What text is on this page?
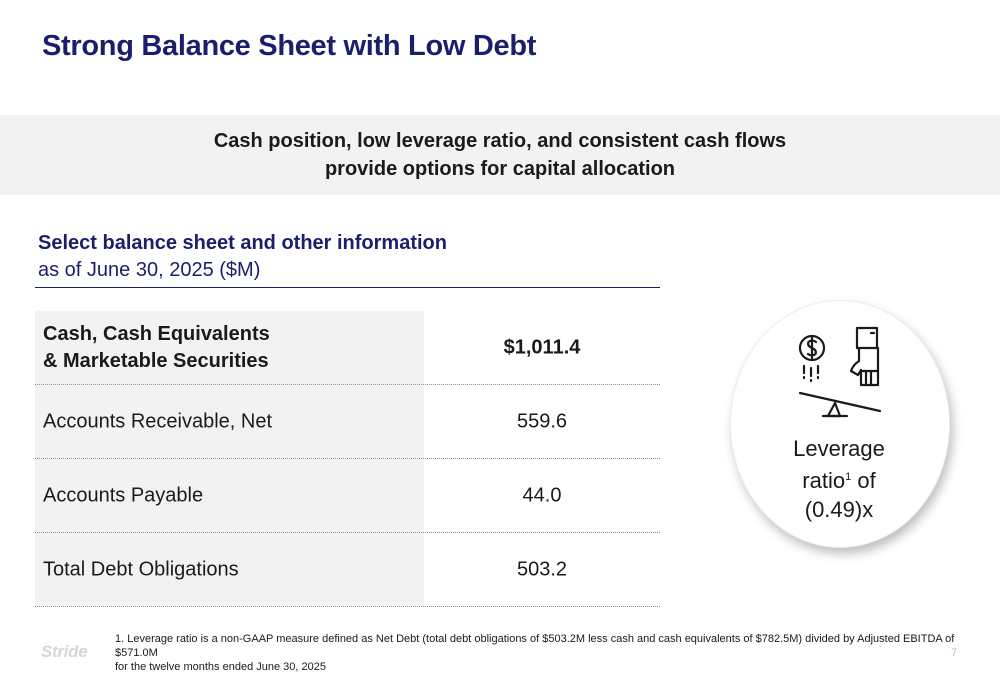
Strong Balance Sheet with Low Debt
Cash position, low leverage ratio, and consistent cash flows
provide options for capital allocation
Select balance sheet and other information
as of June 30, 2025 ($M)
Cash, Cash Equivalents
& Marketable Securities
$1,011.4
Accounts Receivable, Net	559.6
Accounts Payable	44.0
Total Debt Obligations	503.2
Leverage
ratio$^1$ of
(0.49)x
Stride
1. Leverage ratio is a non-GAAP measure defined as Net Debt (total debt obligations of $503.2M less cash and cash equivalents of $782.5M) divided by Adjusted EBITDA of $571.0M
for the twelve months ended June 30, 2025
7
